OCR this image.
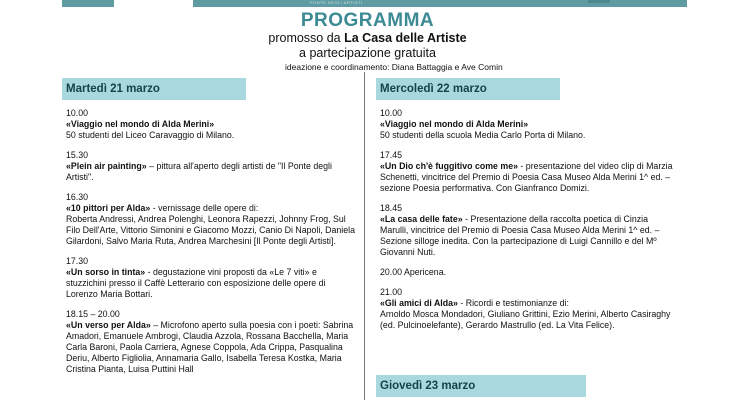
PONTE DEGLI ARTISTI
PROGRAMMA
promosso da La Casa delle Artiste
a partecipazione gratuita
ideazione e coordinamento: Diana Battaggia e Ave Comin
Martedì 21 marzo
10.00
«Viaggio nel mondo di Alda Merini»
50 studenti del Liceo Caravaggio di Milano.
15.30
«Plein air painting» – pittura all'aperto degli artisti de "Il Ponte degli Artisti".
16.30
«10 pittori per Alda» - vernissage delle opere di:
Roberta Andressi, Andrea Polenghi, Leonora Rapezzi, Johnny Frog, Sul Filo Dell'Arte, Vittorio Simonini e Giacomo Mozzi, Canio Di Napoli, Daniela Gilardoni, Salvo Maria Ruta, Andrea Marchesini [Il Ponte degli Artisti].
17.30
«Un sorso in tinta» - degustazione vini proposti da «Le 7 viti» e stuzzichini presso il Caffè Letterario con esposizione delle opere di Lorenzo Maria Bottari.
18.15 – 20.00
«Un verso per Alda» – Microfono aperto sulla poesia con i poeti: Sabrina Amadori, Emanuele Ambrogi, Claudia Azzola, Rossana Bacchella, Maria Carla Baroni, Paola Carriera, Agnese Coppola, Ada Crippa, Pasqualina Deriu, Alberto Figliolia, Annamaria Gallo, Isabella Teresa Kostka, Maria Cristina Pianta, Luisa Puttini Hall
Mercoledì 22 marzo
10.00
«Viaggio nel mondo di Alda Merini»
50 studenti della scuola Media Carlo Porta di Milano.
17.45
«Un Dio ch'è fuggitivo come me» - presentazione del video clip di Marzia Schenetti, vincitrice del Premio di Poesia Casa Museo Alda Merini 1^ ed. – sezione Poesia performativa. Con Gianfranco Domizi.
18.45
«La casa delle fate» - Presentazione della raccolta poetica di Cinzia Marulli, vincitrice del Premio di Poesia Casa Museo Alda Merini 1^ ed. – Sezione silloge inedita. Con la partecipazione di Luigi Cannillo e del Mº Giovanni Nuti.
20.00 Apericena.
21.00
«Gli amici di Alda» - Ricordi e testimonianze di:
Arnoldo Mosca Mondadori, Giuliano Grittini, Ezio Merini, Alberto Casiraghy (ed. Pulcinoelefante), Gerardo Mastrullo (ed. La Vita Felice).
Giovedì 23 marzo
